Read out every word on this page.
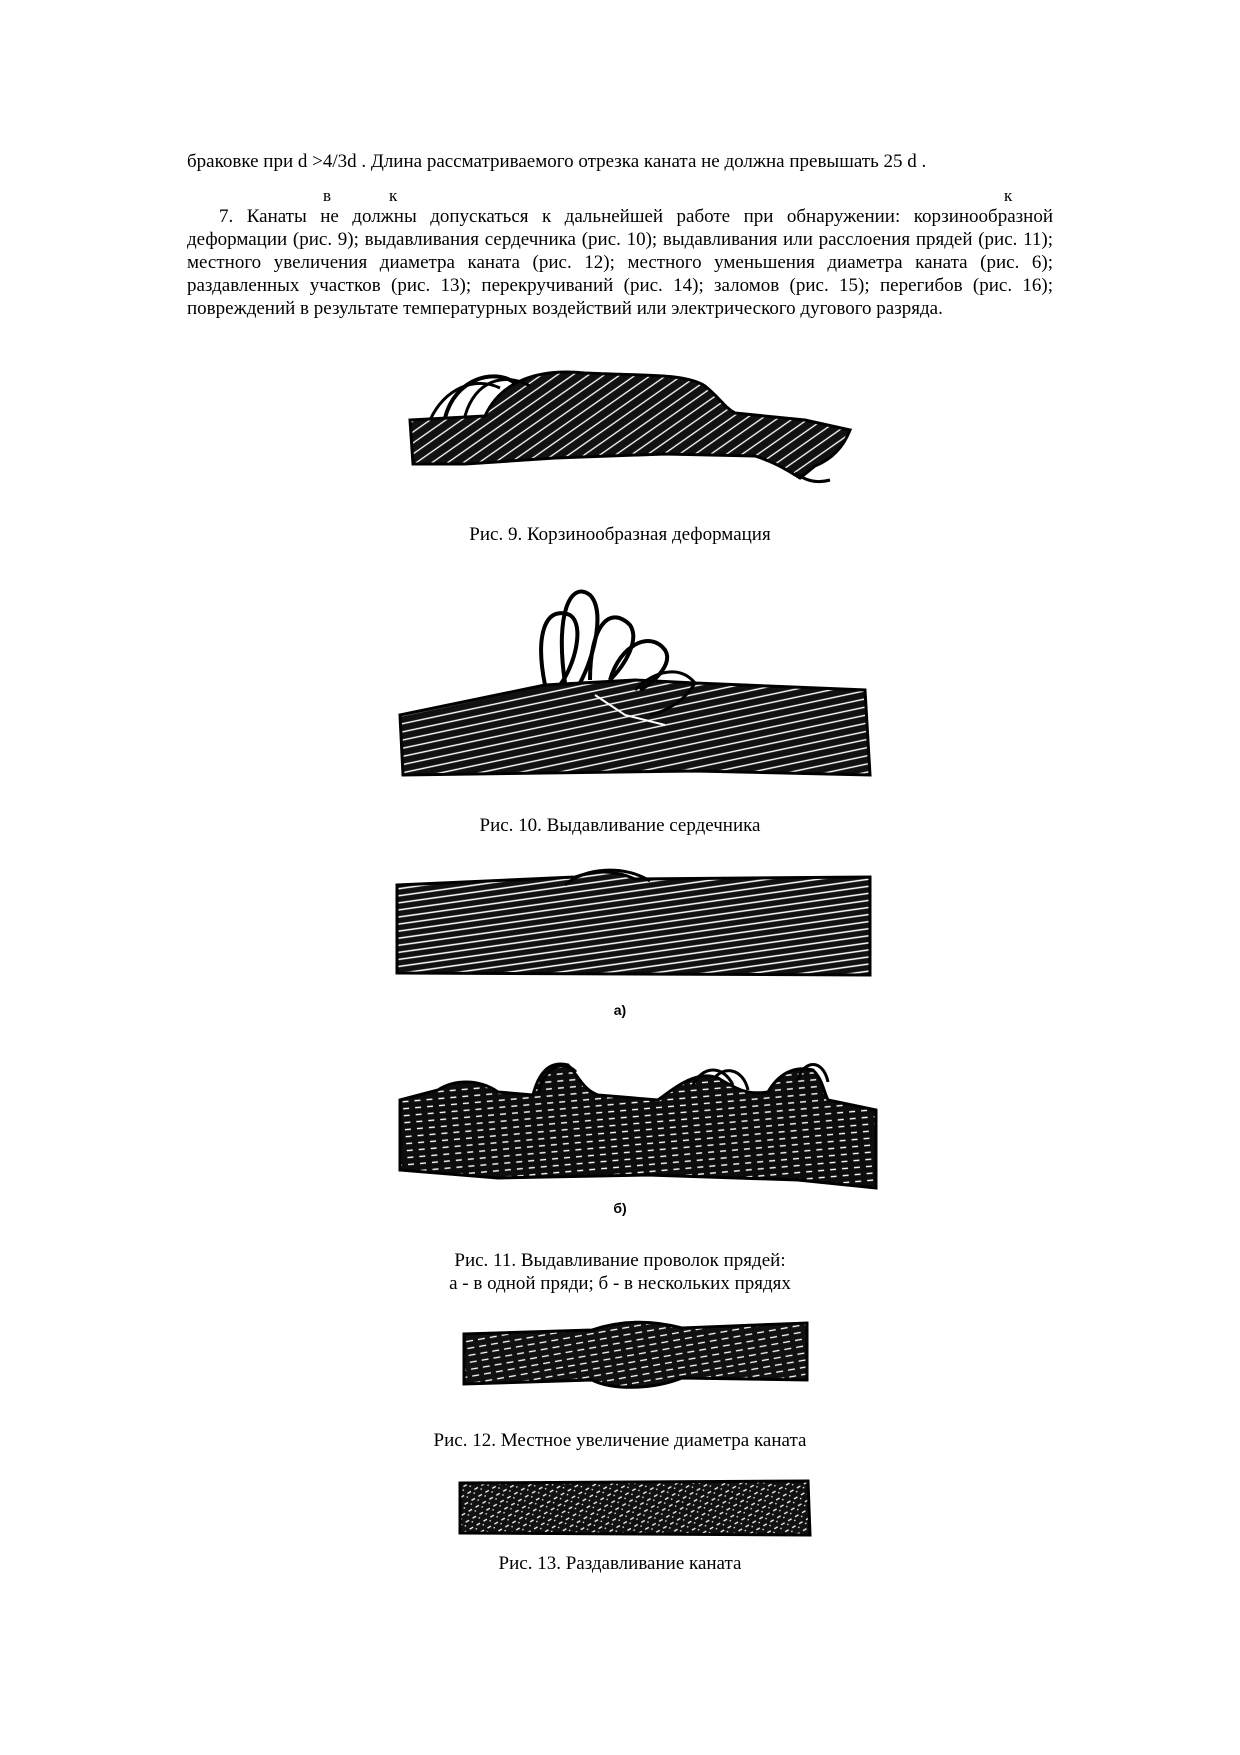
браковке при d >4/3d . Длина рассматриваемого отрезка каната не должна превышать 25 d .
в	к	к
7. Канаты не должны допускаться к дальнейшей работе при обнаружении: корзинообразной деформации (рис. 9); выдавливания сердечника (рис. 10); выдавливания или расслоения прядей (рис. 11); местного увеличения диаметра каната (рис. 12); местного уменьшения диаметра каната (рис. 6); раздавленных участков (рис. 13); перекручиваний (рис. 14); заломов (рис. 15); перегибов (рис. 16); повреждений в результате температурных воздействий или электрического дугового разряда.
Рис. 9. Корзинообразная деформация
Рис. 10. Выдавливание сердечника
а)
б)
Рис. 11. Выдавливание проволок прядей:
а - в одной пряди; б - в нескольких прядях
Рис. 12. Местное увеличение диаметра каната
Рис. 13. Раздавливание каната
